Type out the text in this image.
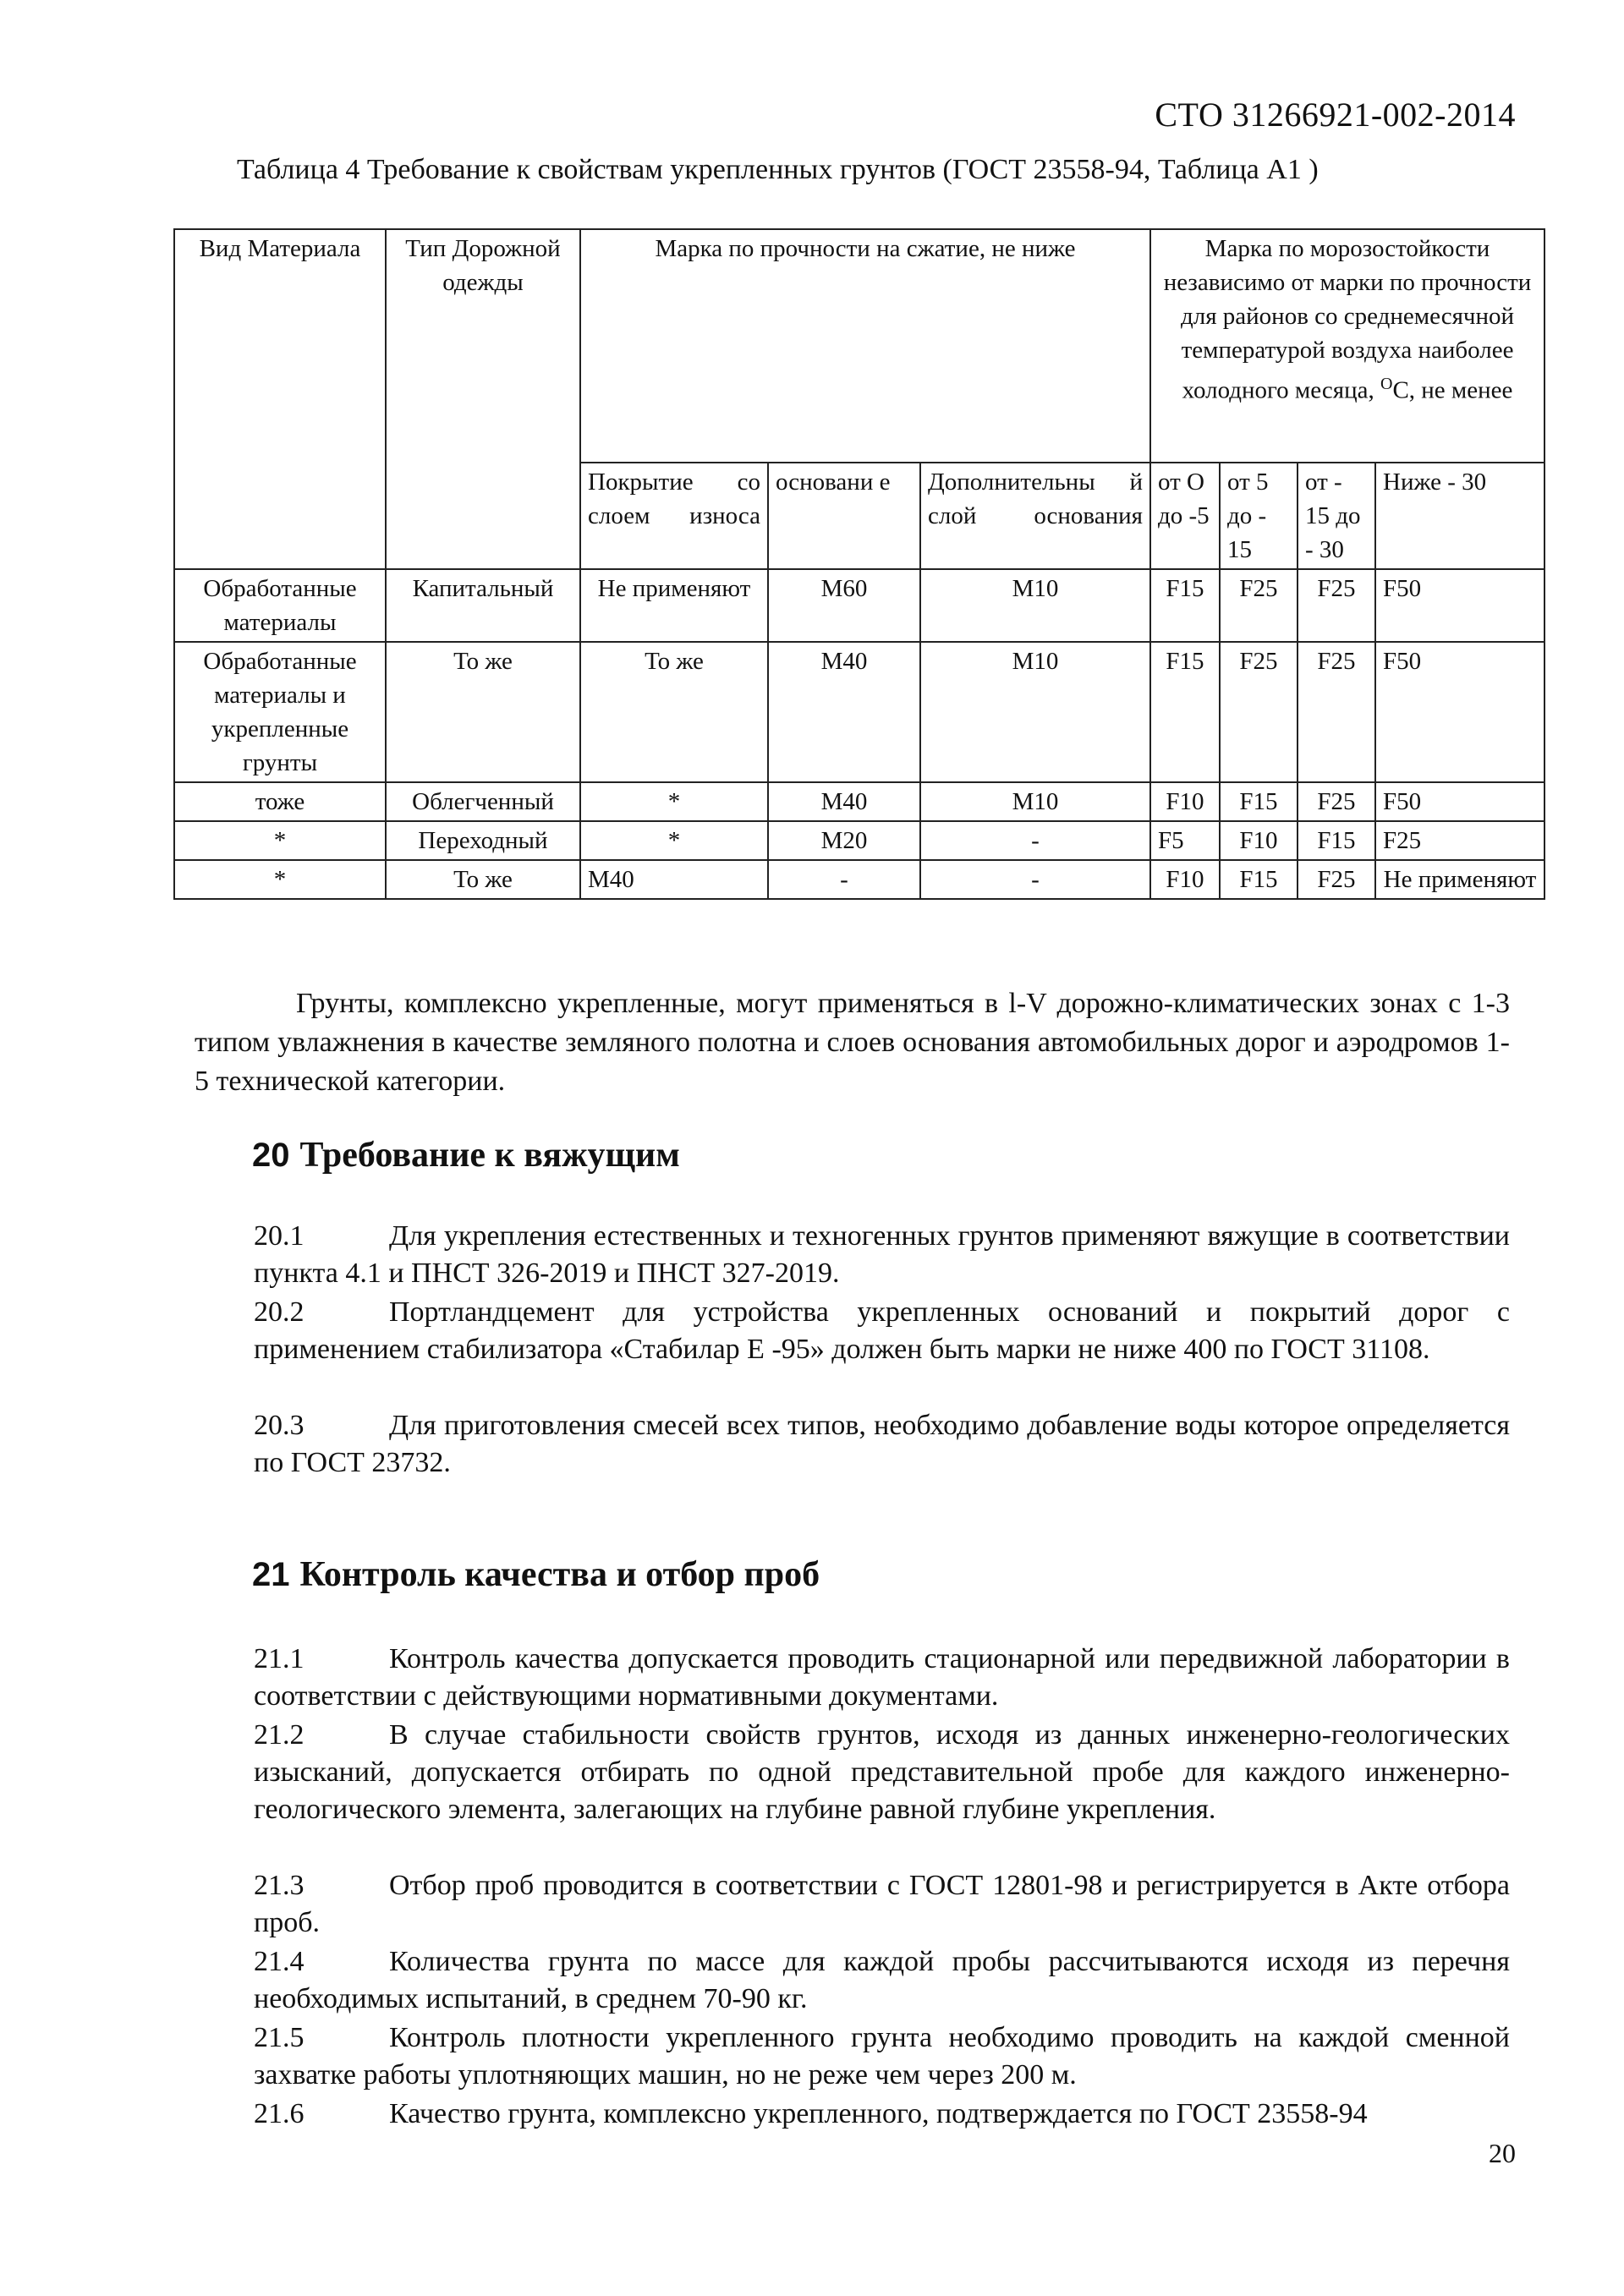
СТО 31266921-002-2014
Таблица 4 Требование к свойствам укрепленных грунтов (ГОСТ 23558-94, Таблица А1 )
Вид Материала	Тип Дорожной одежды	Марка по прочности на сжатие, не ниже			Марка по морозостойкости независимо от марки по прочности для районов со среднемесячной температурой воздуха наиболее холодного месяца, $^O$С, не менее			
		Покрытие со слоем износа	основани е	Дополнительны й слой основания	от О до -5	от 5 до - 15	от - 15 до - 30	Ниже - 30
Обработанные материалы	Капитальный	Не применяют	М60	М10	F15	F25	F25	F50
Обработанные материалы и укрепленные грунты	То же	То же	М40	М10	F15	F25	F25	F50
тоже	Облегченный	*	М40	М10	F10	F15	F25	F50
*	Переходный	*	М20	-	F5	F10	F15	F25
*	То же	М40	-	-	F10	F15	F25	Не применяют

Грунты, комплексно укрепленные, могут применяться в l-V дорожно-климатических зонах с 1-3 типом увлажнения в качестве земляного полотна и слоев основания автомобильных дорог и аэродромов 1-5 технической категории.

20 Требование к вяжущим
20.1	Для укрепления естественных и техногенных грунтов применяют вяжущие в соответствии пункта 4.1 и ПНСТ 326-2019 и ПНСТ 327-2019.
20.2	Портландцемент для устройства укрепленных оснований и покрытий дорог с применением стабилизатора «Стабилар Е -95» должен быть марки не ниже 400 по ГОСТ 31108.
20.3	Для приготовления смесей всех типов, необходимо добавление воды которое определяется по ГОСТ 23732.
21 Контроль качества и отбор проб
21.1	Контроль качества допускается проводить стационарной или передвижной лаборатории в соответствии с действующими нормативными документами.
21.2	В случае стабильности свойств грунтов, исходя из данных инженерно-геологических изысканий, допускается отбирать по одной представительной пробе для каждого инженерно-геологического элемента, залегающих на глубине равной глубине укрепления.
21.3	Отбор проб проводится в соответствии с ГОСТ 12801-98 и регистрируется в Акте отбора проб.
21.4	Количества грунта по массе для каждой пробы рассчитываются исходя из перечня необходимых испытаний, в среднем 70-90 кг.
21.5	Контроль плотности укрепленного грунта необходимо проводить на каждой сменной захватке работы уплотняющих машин, но не реже чем через 200 м.
21.6	Качество грунта, комплексно укрепленного, подтверждается по ГОСТ 23558-94
20
